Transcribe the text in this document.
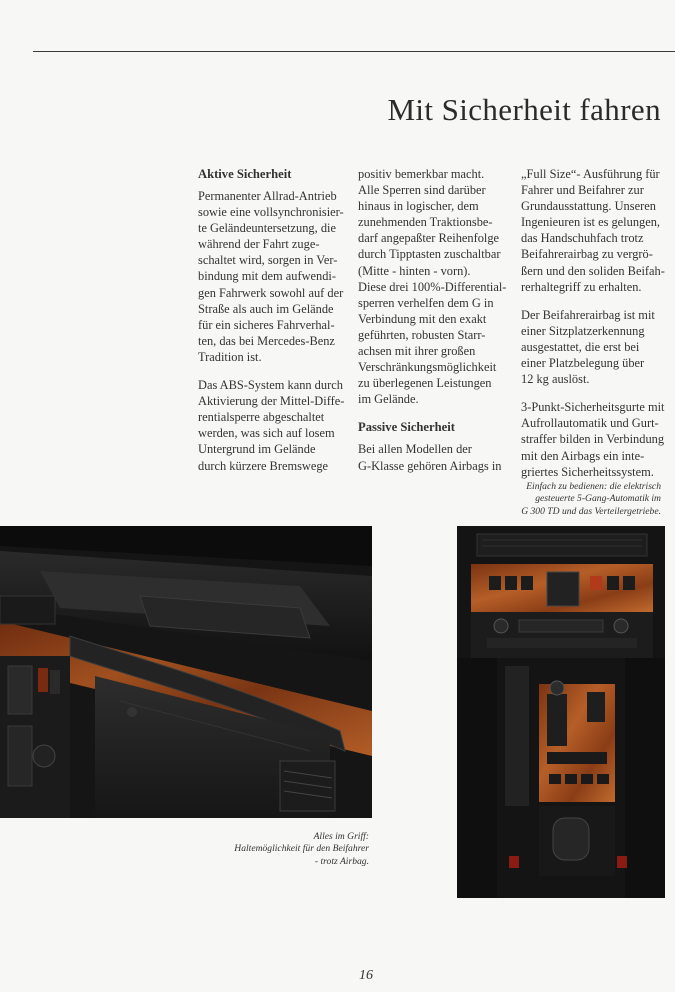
Mit Sicherheit fahren
Aktive Sicherheit

Permanenter Allrad-Antrieb
sowie eine vollsynchronisier-
te Geländeuntersetzung, die
während der Fahrt zuge-
schaltet wird, sorgen in Ver-
bindung mit dem aufwendi-
gen Fahrwerk sowohl auf der
Straße als auch im Gelände
für ein sicheres Fahrverhal-
ten, das bei Mercedes-Benz
Tradition ist.

Das ABS-System kann durch
Aktivierung der Mittel-Diffe-
rentialsperre abgeschaltet
werden, was sich auf losem
Untergrund im Gelände
durch kürzere Bremswege

positiv bemerkbar macht.
Alle Sperren sind darüber
hinaus in logischer, dem
zunehmenden Traktionsbe-
darf angepaßter Reihenfolge
durch Tipptasten zuschaltbar
(Mitte - hinten - vorn).
Diese drei 100%-Differential-
sperren verhelfen dem G in
Verbindung mit den exakt
geführten, robusten Starr-
achsen mit ihrer großen
Verschränkungsmöglichkeit
zu überlegenen Leistungen
im Gelände.

Passive Sicherheit

Bei allen Modellen der
G-Klasse gehören Airbags in

„Full Size“- Ausführung für
Fahrer und Beifahrer zur
Grundausstattung. Unseren
Ingenieuren ist es gelungen,
das Handschuhfach trotz
Beifahrerairbag zu vergrö-
ßern und den soliden Beifah-
rerhaltegriff zu erhalten.

Der Beifahrerairbag ist mit
einer Sitzplatzerkennung
ausgestattet, die erst bei
einer Platzbelegung über
12 kg auslöst.

3-Punkt-Sicherheitsgurte mit
Aufrollautomatik und Gurt-
straffer bilden in Verbindung
mit den Airbags ein inte-
griertes Sicherheitssystem.

Einfach zu bedienen: die elektrisch
gesteuerte 5-Gang-Automatik im
G 300 TD und das Verteilergetriebe.
Alles im Griff:
Haltemöglichkeit für den Beifahrer
- trotz Airbag.
16
